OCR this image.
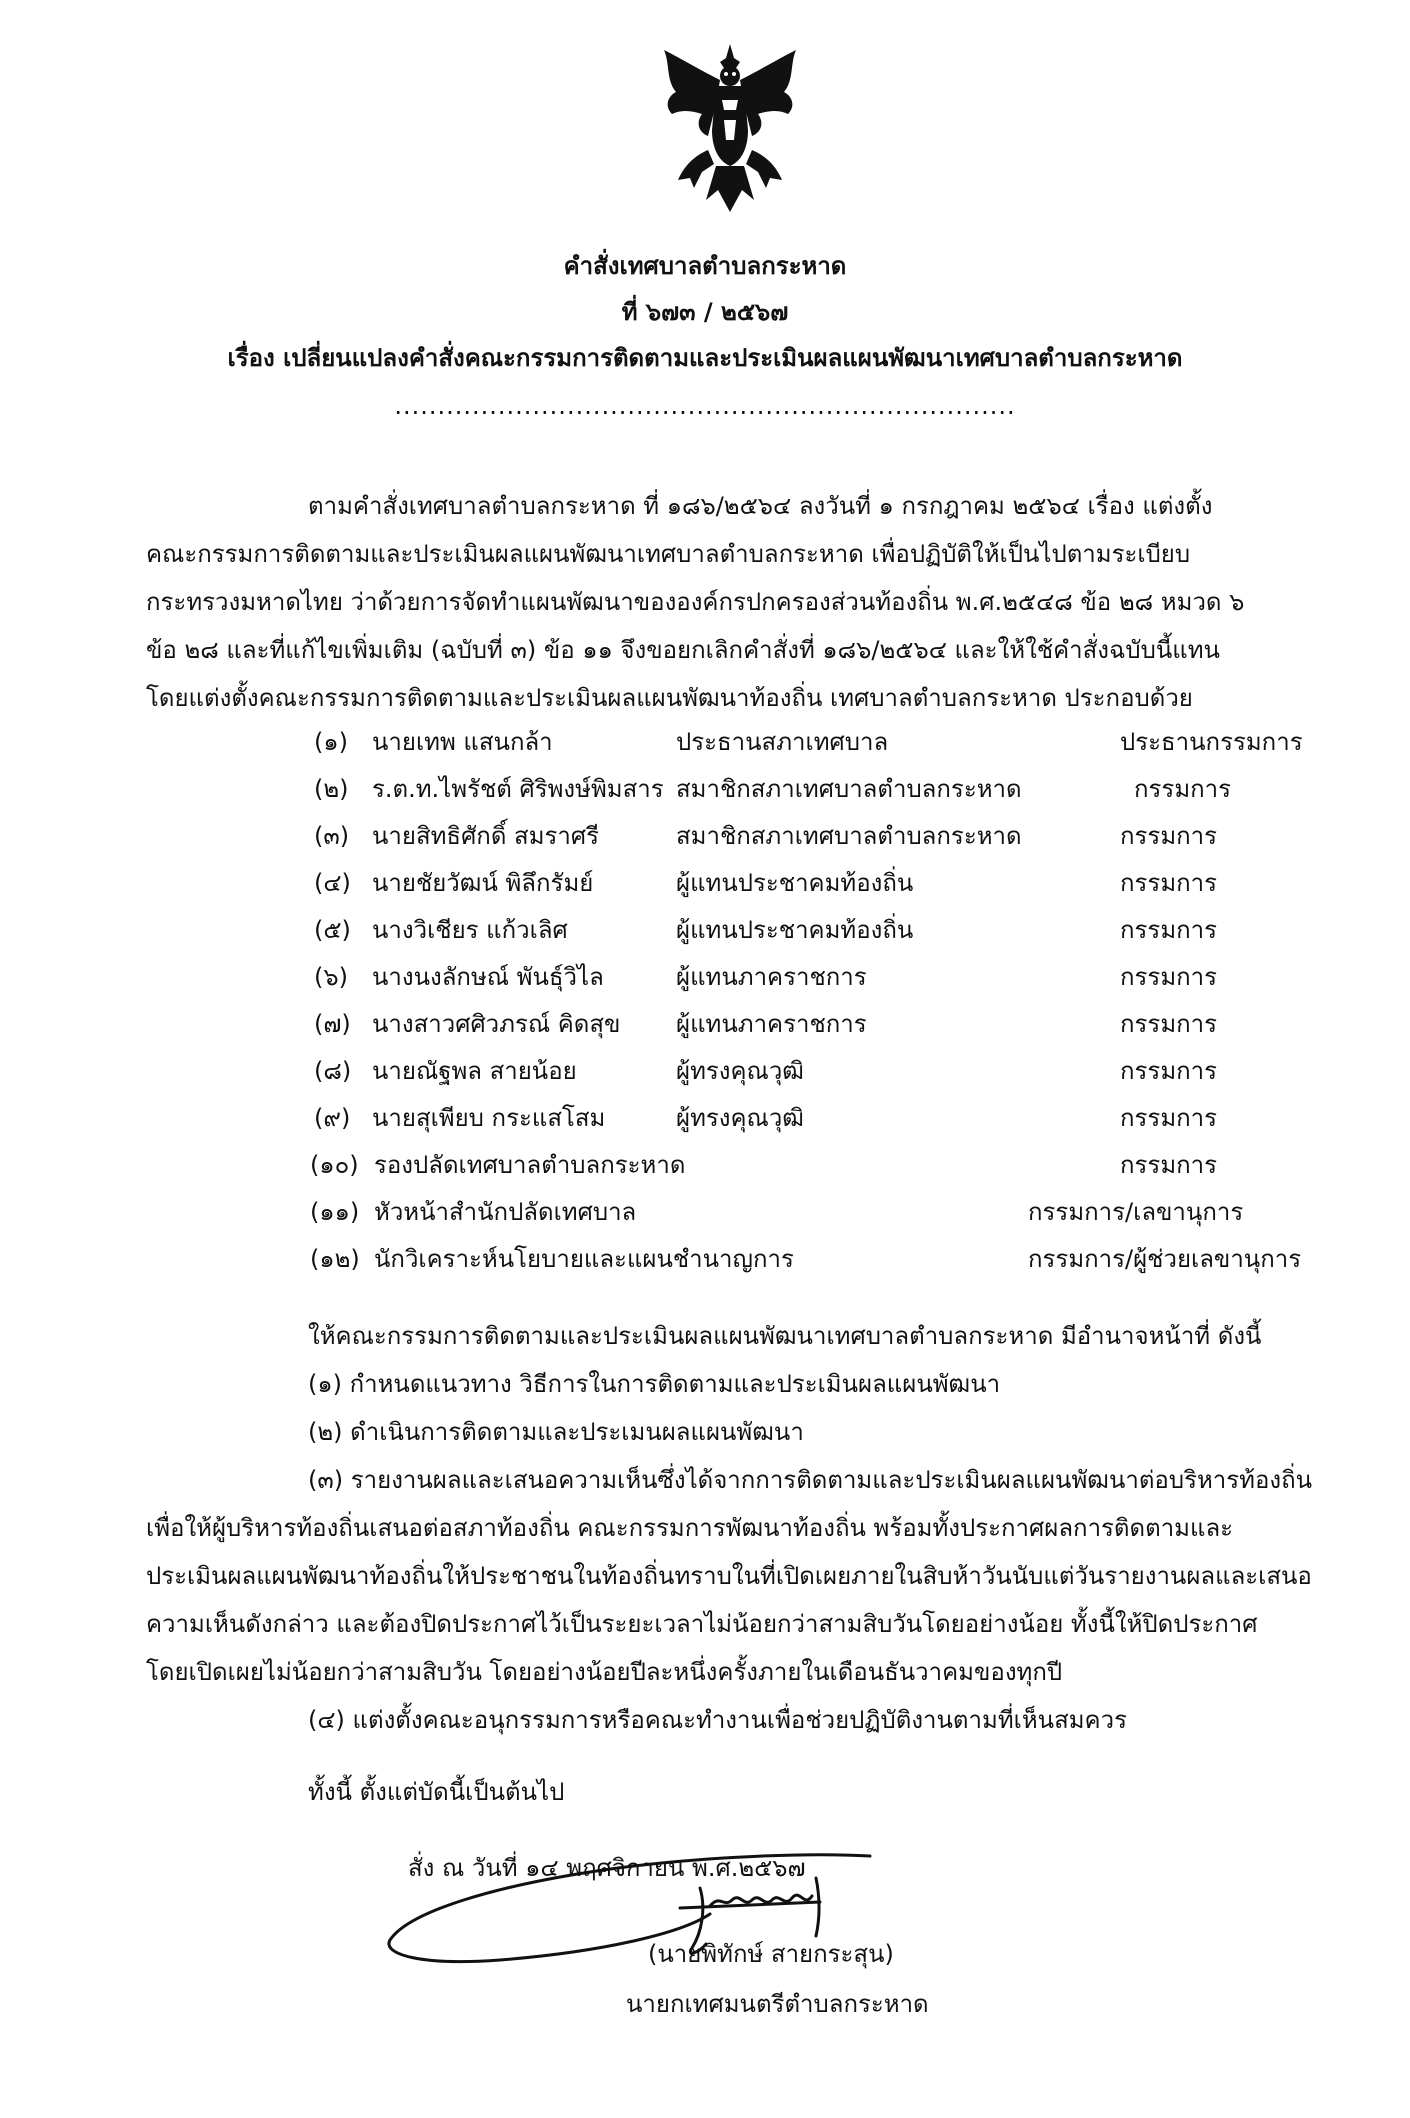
คำสั่งเทศบาลตำบลกระหาด
ที่ ๖๗๓ / ๒๕๖๗
เรื่อง เปลี่ยนแปลงคำสั่งคณะกรรมการติดตามและประเมินผลแผนพัฒนาเทศบาลตำบลกระหาด
........................................................................
ตามคำสั่งเทศบาลตำบลกระหาด ที่ ๑๘๖/๒๕๖๔ ลงวันที่ ๑ กรกฎาคม ๒๕๖๔ เรื่อง แต่งตั้ง
คณะกรรมการติดตามและประเมินผลแผนพัฒนาเทศบาลตำบลกระหาด เพื่อปฏิบัติให้เป็นไปตามระเบียบ
กระทรวงมหาดไทย ว่าด้วยการจัดทำแผนพัฒนาขององค์กรปกครองส่วนท้องถิ่น พ.ศ.๒๕๔๘ ข้อ ๒๘ หมวด ๖
ข้อ ๒๘ และที่แก้ไขเพิ่มเติม (ฉบับที่ ๓) ข้อ ๑๑ จึงขอยกเลิกคำสั่งที่ ๑๘๖/๒๕๖๔ และให้ใช้คำสั่งฉบับนี้แทน
โดยแต่งตั้งคณะกรรมการติดตามและประเมินผลแผนพัฒนาท้องถิ่น เทศบาลตำบลกระหาด ประกอบด้วย
(๑) นายเทพ แสนกล้า	ประธานสภาเทศบาล	ประธานกรรมการ
(๒) ร.ต.ท.ไพรัชต์ ศิริพงษ์พิมสาร สมาชิกสภาเทศบาลตำบลกระหาด	กรรมการ
(๓) นายสิทธิศักดิ์ สมราศรี	สมาชิกสภาเทศบาลตำบลกระหาด	กรรมการ
(๔) นายชัยวัฒน์ พิลึกรัมย์	ผู้แทนประชาคมท้องถิ่น	กรรมการ
(๕) นางวิเชียร แก้วเลิศ	ผู้แทนประชาคมท้องถิ่น	กรรมการ
(๖) นางนงลักษณ์ พันธุ์วิไล	ผู้แทนภาคราชการ	กรรมการ
(๗) นางสาวศศิวภรณ์ คิดสุข ผู้แทนภาคราชการ	กรรมการ
(๘) นายณัฐพล สายน้อย	ผู้ทรงคุณวุฒิ	กรรมการ
(๙) นายสุเพียบ กระแสโสม	ผู้ทรงคุณวุฒิ	กรรมการ
(๑๐) รองปลัดเทศบาลตำบลกระหาด	กรรมการ
(๑๑) หัวหน้าสำนักปลัดเทศบาล	กรรมการ/เลขานุการ
(๑๒) นักวิเคราะห์นโยบายและแผนชำนาญการ	กรรมการ/ผู้ช่วยเลขานุการ
ให้คณะกรรมการติดตามและประเมินผลแผนพัฒนาเทศบาลตำบลกระหาด มีอำนาจหน้าที่ ดังนี้
(๑) กำหนดแนวทาง วิธีการในการติดตามและประเมินผลแผนพัฒนา
(๒) ดำเนินการติดตามและประเมนผลแผนพัฒนา
(๓) รายงานผลและเสนอความเห็นซึ่งได้จากการติดตามและประเมินผลแผนพัฒนาต่อบริหารท้องถิ่น
เพื่อให้ผู้บริหารท้องถิ่นเสนอต่อสภาท้องถิ่น คณะกรรมการพัฒนาท้องถิ่น พร้อมทั้งประกาศผลการติดตามและ
ประเมินผลแผนพัฒนาท้องถิ่นให้ประชาชนในท้องถิ่นทราบในที่เปิดเผยภายในสิบห้าวันนับแต่วันรายงานผลและเสนอ
ความเห็นดังกล่าว และต้องปิดประกาศไว้เป็นระยะเวลาไม่น้อยกว่าสามสิบวันโดยอย่างน้อย ทั้งนี้ให้ปิดประกาศ
โดยเปิดเผยไม่น้อยกว่าสามสิบวัน โดยอย่างน้อยปีละหนึ่งครั้งภายในเดือนธันวาคมของทุกปี
(๔) แต่งตั้งคณะอนุกรรมการหรือคณะทำงานเพื่อช่วยปฏิบัติงานตามที่เห็นสมควร
ทั้งนี้ ตั้งแต่บัดนี้เป็นต้นไป
สั่ง ณ วันที่ ๑๔ พฤศจิกายน พ.ศ.๒๕๖๗
(นายพิทักษ์ สายกระสุน)
นายกเทศมนตรีตำบลกระหาด
